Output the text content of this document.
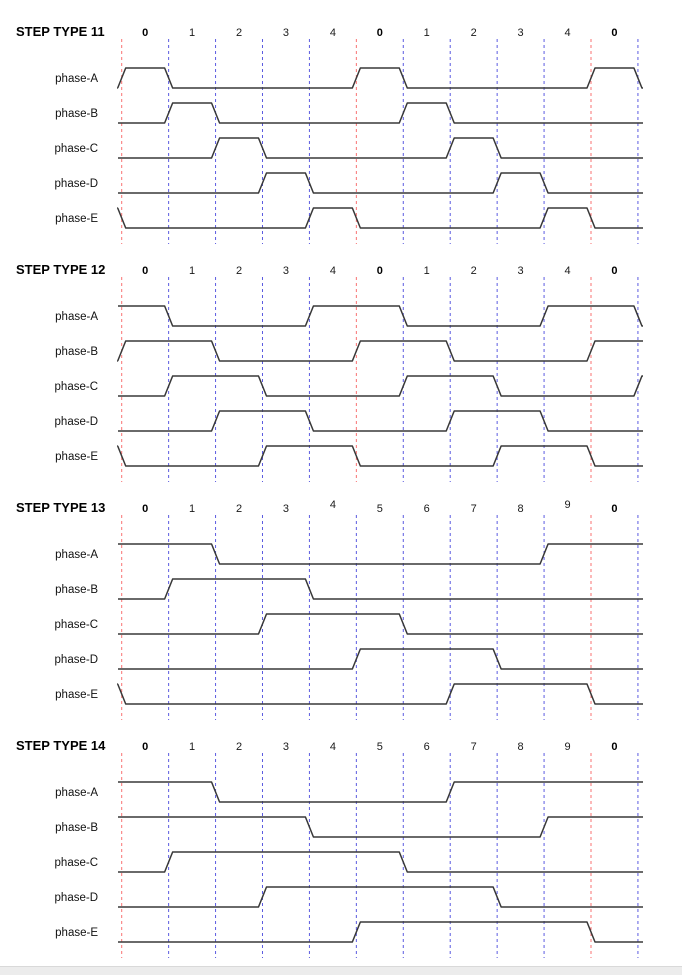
STEP TYPE 11	0	1	2	3	4	0	1	2	3	4	0
phase-A
phase-B
phase-C
phase-D
phase-E
STEP TYPE 12	0	1	2	3	4	0	1	2	3	4	0
phase-A
phase-B
phase-C
phase-D
phase-E
STEP TYPE 13	0	1	2	3	4	5	6	7	8	9	0
phase-A
phase-B
phase-C
phase-D
phase-E
STEP TYPE 14	0	1	2	3	4	5	6	7	8	9	0
phase-A
phase-B
phase-C
phase-D
phase-E
